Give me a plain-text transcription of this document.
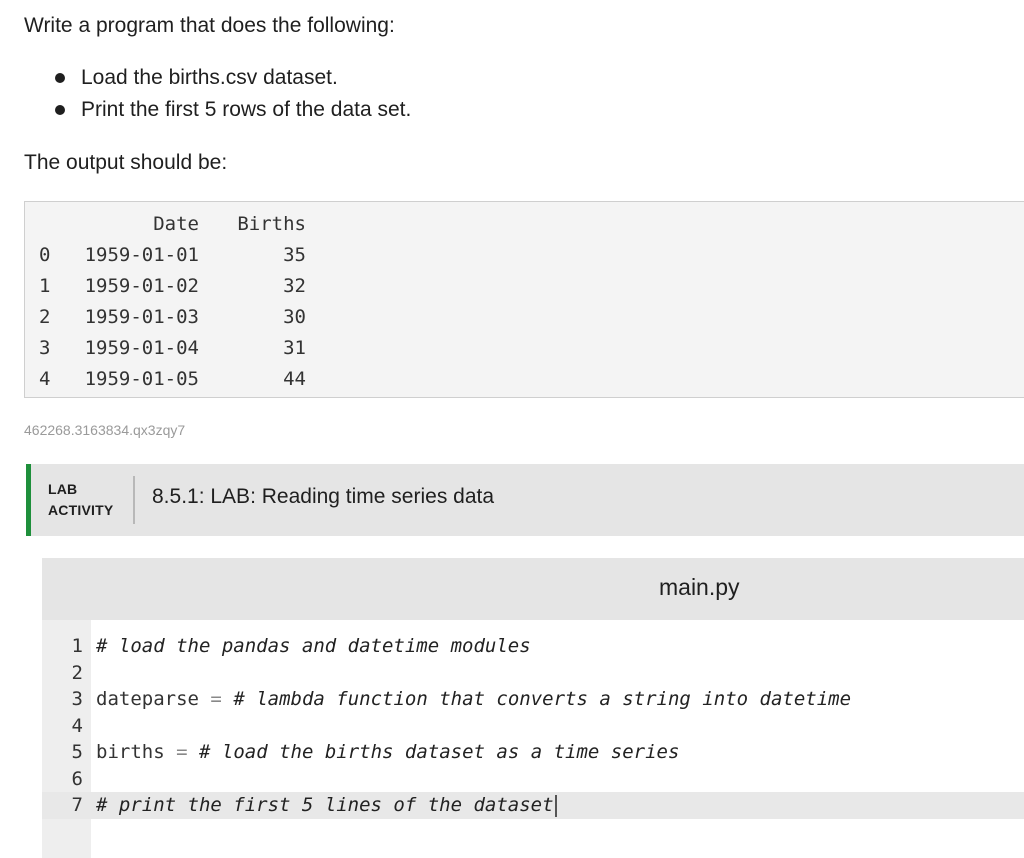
Write a program that does the following:
Load the births.csv dataset.
Print the first 5 rows of the data set.
The output should be:
	Date	Births
0	1959-01-01	35
1	1959-01-02	32
2	1959-01-03	30
3	1959-01-04	31
4	1959-01-05	44
462268.3163834.qx3zqy7
LAB
ACTIVITY
8.5.1: LAB: Reading time series data
main.py
1 # load the pandas and datetime modules
2
3 dateparse = # lambda function that converts a string into datetime
4
5 births = # load the births dataset as a time series
6
7 # print the first 5 lines of the dataset
